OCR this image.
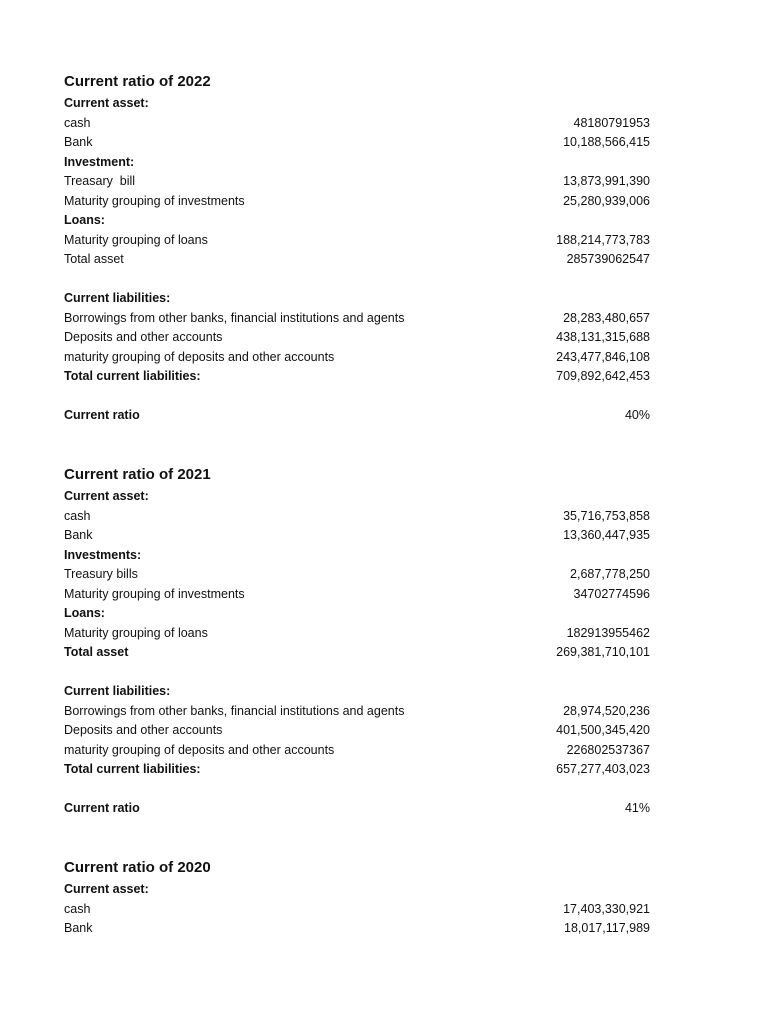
Current ratio of 2022
Current asset:
cash	48180791953
Bank	10,188,566,415
Investment:
Treasary  bill	13,873,991,390
Maturity grouping of investments	25,280,939,006
Loans:
Maturity grouping of loans	188,214,773,783
Total asset	285739062547
Current liabilities:
Borrowings from other banks, financial institutions and agents	28,283,480,657
Deposits and other accounts	438,131,315,688
maturity grouping of deposits and other accounts	243,477,846,108
Total current liabilities:	709,892,642,453
Current ratio	40%
Current ratio of 2021
Current asset:
cash	35,716,753,858
Bank	13,360,447,935
Investments:
Treasury bills	2,687,778,250
Maturity grouping of investments	34702774596
Loans:
Maturity grouping of loans	182913955462
Total asset	269,381,710,101
Current liabilities:
Borrowings from other banks, financial institutions and agents	28,974,520,236
Deposits and other accounts	401,500,345,420
maturity grouping of deposits and other accounts	226802537367
Total current liabilities:	657,277,403,023
Current ratio	41%
Current ratio of 2020
Current asset:
cash	17,403,330,921
Bank	18,017,117,989
